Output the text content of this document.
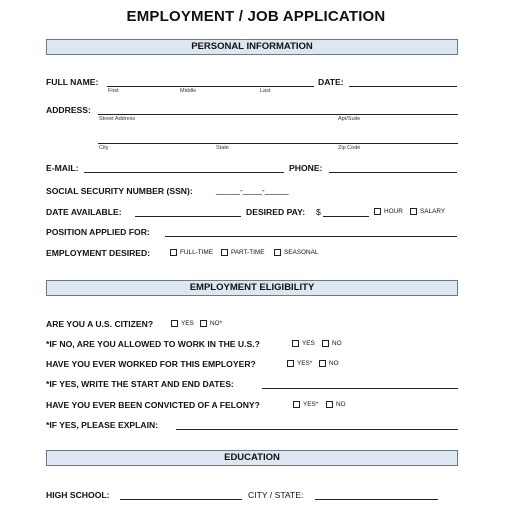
EMPLOYMENT / JOB APPLICATION
PERSONAL INFORMATION
FULL NAME:
First	Middle	Last
DATE:
ADDRESS:
Street Address	Apt/Suite
City	State	Zip Code
E-MAIL:	PHONE:
SOCIAL SECURITY NUMBER (SSN):	_____-____-_____
DATE AVAILABLE:	DESIRED PAY: $	HOUR	SALARY
POSITION APPLIED FOR:
EMPLOYMENT DESIRED:	FULL-TIME	PART-TIME	SEASONAL
EMPLOYMENT ELIGIBILITY
ARE YOU A U.S. CITIZEN?	YES	NO*
*IF NO, ARE YOU ALLOWED TO WORK IN THE U.S.?	YES	NO
HAVE YOU EVER WORKED FOR THIS EMPLOYER?	YES*	NO
*IF YES, WRITE THE START AND END DATES:
HAVE YOU EVER BEEN CONVICTED OF A FELONY?	YES*	NO
*IF YES, PLEASE EXPLAIN:
EDUCATION
HIGH SCHOOL:	CITY / STATE:
